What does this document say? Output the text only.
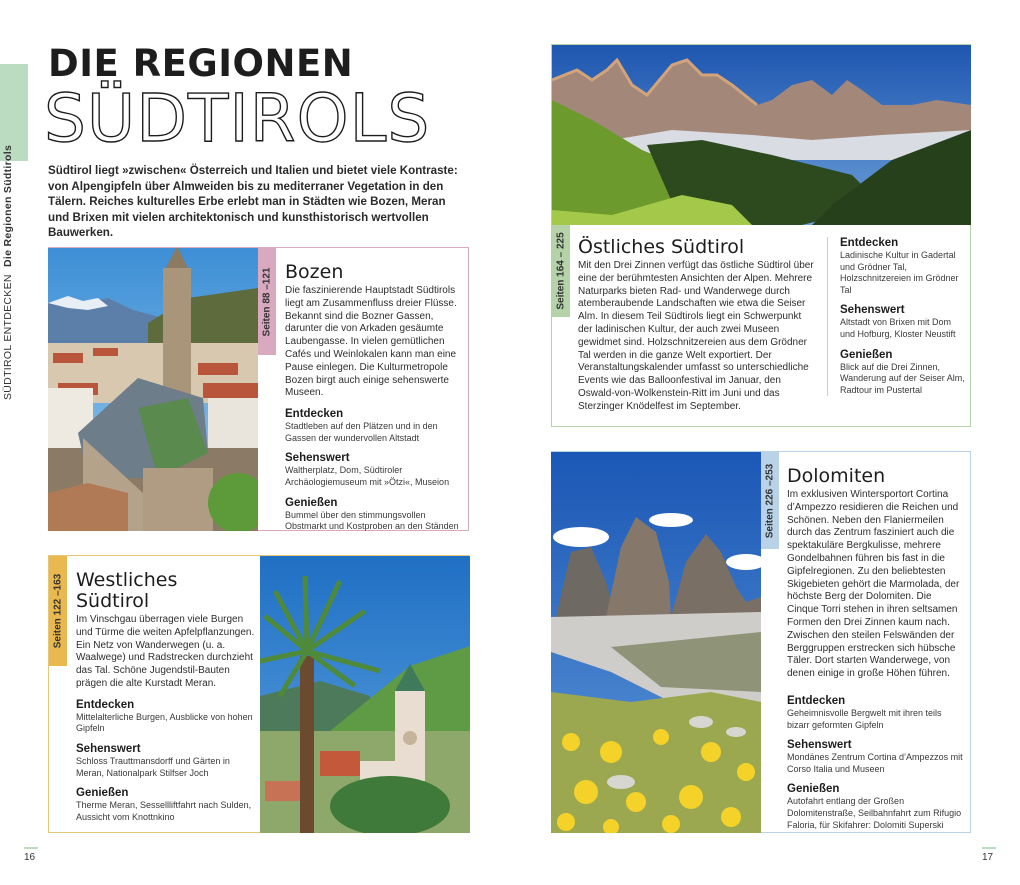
SÜDTIROL ENTDECKEN Die Regionen Südtirols
DIE REGIONEN
SÜDTIROLS

Südtirol liegt »zwischen« Österreich und Italien und bietet viele Kontraste: von Alpengipfeln über Almweiden bis zu mediterraner Vegetation in den Tälern. Reiches kulturelles Erbe erlebt man in Städten wie Bozen, Meran und Brixen mit vielen architektonisch und kunsthistorisch wertvollen Bauwerken.

Seiten 88 –121 Bozen

Die faszinierende Hauptstadt Südtirols liegt am Zusammenfluss dreier Flüsse. Bekannt sind die Bozner Gassen, darunter die von Arkaden gesäumte Laubengasse. In vielen gemütlichen Cafés und Weinlokalen kann man eine Pause einlegen. Die Kulturmetropole Bozen birgt auch einige sehenswerte Museen.

Entdecken

Stadtleben auf den Plätzen und in den Gassen der wundervollen Altstadt

Sehenswert

Waltherplatz, Dom, Südtiroler Archäologiemuseum mit »Ötzi«, Museion

Genießen

Bummel über den stimmungsvollen Obstmarkt und Kostproben an den Ständen

Seiten 122 –163 Westliches Südtirol

Im Vinschgau überragen viele Burgen und Türme die weiten Apfelpflanzungen. Ein Netz von Wanderwegen (u. a. Waalwege) und Radstrecken durchzieht das Tal. Schöne Jugendstil-Bauten prägen die alte Kurstadt Meran.

Entdecken

Mittelalterliche Burgen, Ausblicke von hohen Gipfeln

Sehenswert

Schloss Trauttmansdorff und Gärten in Meran, Nationalpark Stilfser Joch

Genießen

Therme Meran, Sessellliftfahrt nach Sulden, Aussicht vom Knottnkino

16
Seiten 164 – 225 Östliches Südtirol

Mit den Drei Zinnen verfügt das östliche Südtirol über eine der berühmtesten Ansichten der Alpen. Mehrere Naturparks bieten Rad- und Wanderwege durch atemberaubende Landschaften wie etwa die Seiser Alm. In diesem Teil Südtirols liegt ein Schwerpunkt der ladinischen Kultur, der auch zwei Museen gewidmet sind. Holzschnitzereien aus dem Grödner Tal werden in die ganze Welt exportiert. Der Veranstaltungskalender umfasst so unterschiedliche Events wie das Balloonfestival im Januar, den Oswald-von-Wolkenstein-Ritt im Juni und das Sterzinger Knödelfest im September.

Entdecken

Ladinische Kultur in Gadertal und Grödner Tal, Holzschnitzereien im Grödner Tal

Sehenswert

Altstadt von Brixen mit Dom und Hofburg, Kloster Neustift

Genießen

Blick auf die Drei Zinnen, Wanderung auf der Seiser Alm, Radtour im Pustertal

Seiten 226 –253 Dolomiten

Im exklusiven Wintersportort Cortina d’Ampezzo residieren die Reichen und Schönen. Neben den Flaniermeilen durch das Zentrum fasziniert auch die spektakuläre Bergkulisse, mehrere Gondelbahnen führen bis fast in die Gipfelregionen. Zu den beliebtesten Skigebieten gehört die Marmolada, der höchste Berg der Dolomiten. Die Cinque Torri stehen in ihren seltsamen Formen den Drei Zinnen kaum nach. Zwischen den steilen Felswänden der Berggruppen erstrecken sich hübsche Täler. Dort starten Wanderwege, von denen einige in große Höhen führen.

Entdecken

Geheimnisvolle Bergwelt mit ihren teils bizarr geformten Gipfeln

Sehenswert

Mondänes Zentrum Cortina d’Ampezzos mit Corso Italia und Museen

Genießen

Autofahrt entlang der Großen Dolomitenstraße, Seilbahnfahrt zum Rifugio Faloria, für Skifahrer: Dolomiti Superski

17
